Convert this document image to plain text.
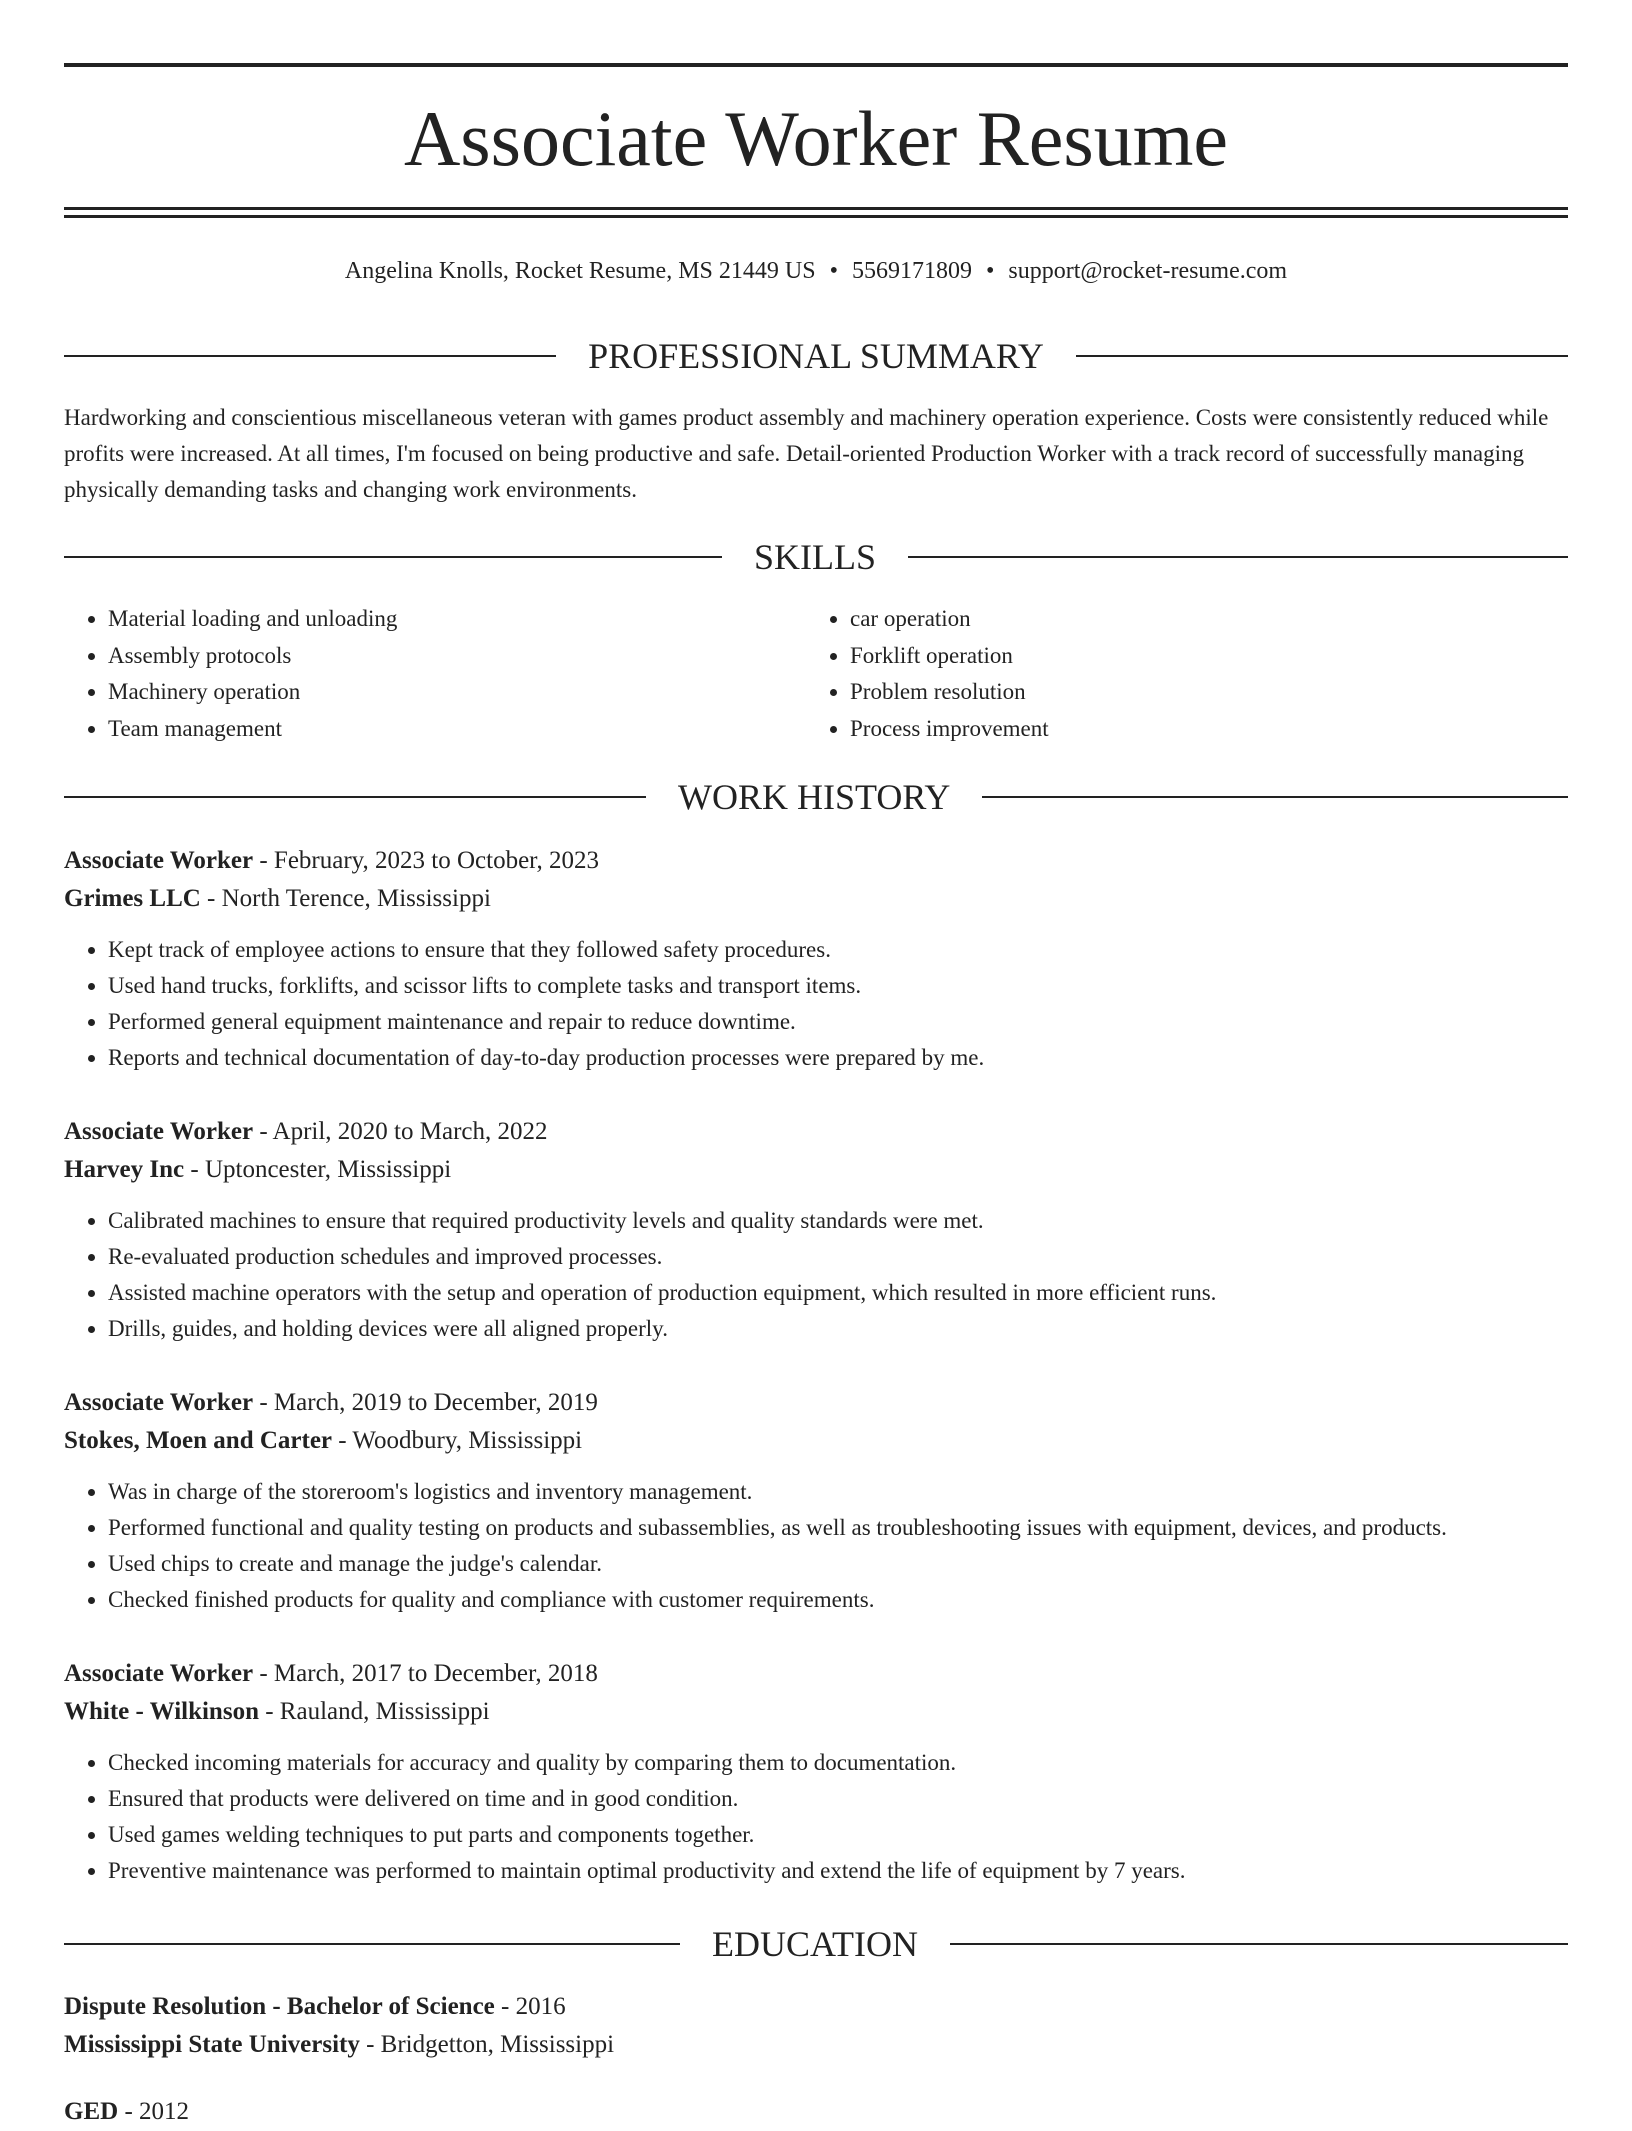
Associate Worker Resume
Angelina Knolls, Rocket Resume, MS 21449 US • 5569171809 • support@rocket-resume.com
PROFESSIONAL SUMMARY

Hardworking and conscientious miscellaneous veteran with games product assembly and machinery operation experience. Costs were consistently reduced while profits were increased. At all times, I'm focused on being productive and safe. Detail-oriented Production Worker with a track record of successfully managing physically demanding tasks and changing work environments.

SKILLS
• Material loading and unloading
• Assembly protocols
• Machinery operation
• Team management
• car operation
• Forklift operation
• Problem resolution
• Process improvement
WORK HISTORY
Associate Worker - February, 2023 to October, 2023
Grimes LLC - North Terence, Mississippi
• Kept track of employee actions to ensure that they followed safety procedures.
• Used hand trucks, forklifts, and scissor lifts to complete tasks and transport items.
• Performed general equipment maintenance and repair to reduce downtime.
• Reports and technical documentation of day-to-day production processes were prepared by me.
Associate Worker - April, 2020 to March, 2022
Harvey Inc - Uptoncester, Mississippi
• Calibrated machines to ensure that required productivity levels and quality standards were met.
• Re-evaluated production schedules and improved processes.
• Assisted machine operators with the setup and operation of production equipment, which resulted in more efficient runs.
• Drills, guides, and holding devices were all aligned properly.
Associate Worker - March, 2019 to December, 2019
Stokes, Moen and Carter - Woodbury, Mississippi
• Was in charge of the storeroom's logistics and inventory management.
• Performed functional and quality testing on products and subassemblies, as well as troubleshooting issues with equipment, devices, and products.
• Used chips to create and manage the judge's calendar.
• Checked finished products for quality and compliance with customer requirements.
Associate Worker - March, 2017 to December, 2018
White - Wilkinson - Rauland, Mississippi
• Checked incoming materials for accuracy and quality by comparing them to documentation.
• Ensured that products were delivered on time and in good condition.
• Used games welding techniques to put parts and components together.
• Preventive maintenance was performed to maintain optimal productivity and extend the life of equipment by 7 years.
EDUCATION
Dispute Resolution - Bachelor of Science - 2016
Mississippi State University - Bridgetton, Mississippi
GED - 2012
